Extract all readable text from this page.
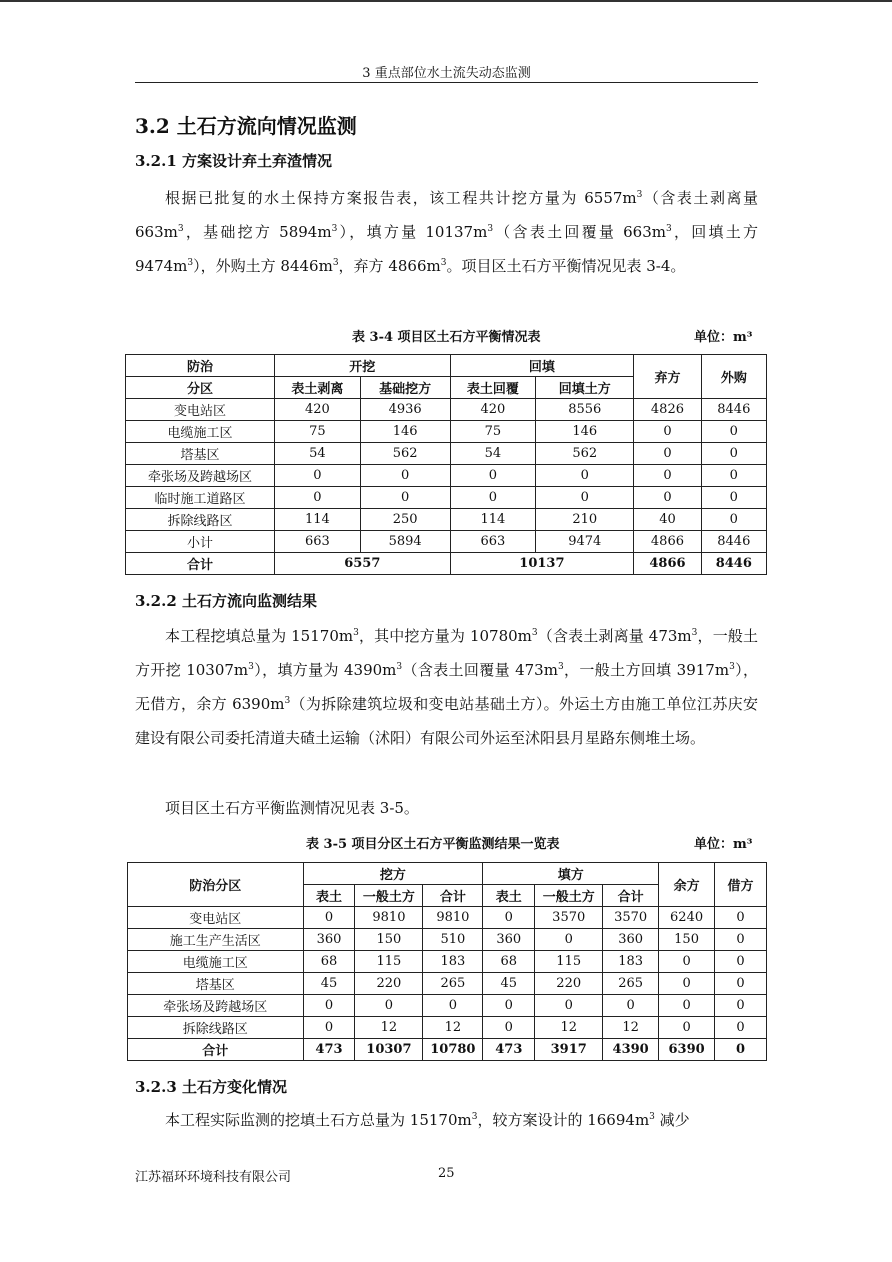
3 重点部位水土流失动态监测
3.2 土石方流向情况监测
3.2.1 方案设计弃土弃渣情况
根据已批复的水土保持方案报告表，该工程共计挖方量为 $6557m^3$（含表土剥离量 $663m^3$，基础挖方 $5894m^3$），填方量 $10137m^3$（含表土回覆量 $663m^3$，回填土方 $9474m^3$），外购土方 $8446m^3$，弃方 $4866m^3$。项目区土石方平衡情况见表 3-4。
表 3-4 项目区土石方平衡情况表	单位：m³
防治	开挖		回填		弃方	外购
分区	表土剥离	基础挖方	表土回覆	回填土方		
变电站区	420	4936	420	8556	4826	8446
电缆施工区	75	146	75	146	0	0
塔基区	54	562	54	562	0	0
牵张场及跨越场区	0	0	0	0	0	0
临时施工道路区	0	0	0	0	0	0
拆除线路区	114	250	114	210	40	0
小计	663	5894	663	9474	4866	8446
合计	6557		10137		4866	8446
3.2.2 土石方流向监测结果
本工程挖填总量为 $15170m^3$，其中挖方量为 $10780m^3$（含表土剥离量 $473m^3$，一般土方开挖 $10307m^3$），填方量为 $4390m^3$（含表土回覆量 $473m^3$，一般土方回填 $3917m^3$），无借方，余方 $6390m^3$（为拆除建筑垃圾和变电站基础土方）。外运土方由施工单位江苏庆安建设有限公司委托清道夫碴土运输（沭阳）有限公司外运至沭阳县月星路东侧堆土场。
项目区土石方平衡监测情况见表 3-5。
表 3-5 项目分区土石方平衡监测结果一览表	单位：m³
防治分区	挖方			填方			余方	借方
	表土	一般土方	合计	表土	一般土方	合计		
变电站区	0	9810	9810	0	3570	3570	6240	0
施工生产生活区	360	150	510	360	0	360	150	0
电缆施工区	68	115	183	68	115	183	0	0
塔基区	45	220	265	45	220	265	0	0
牵张场及跨越场区	0	0	0	0	0	0	0	0
拆除线路区	0	12	12	0	12	12	0	0
合计	473	10307	10780	473	3917	4390	6390	0
3.2.3 土石方变化情况
本工程实际监测的挖填土石方总量为 $15170m^3$，较方案设计的 $16694m^3$ 减少
江苏福环环境科技有限公司	25
